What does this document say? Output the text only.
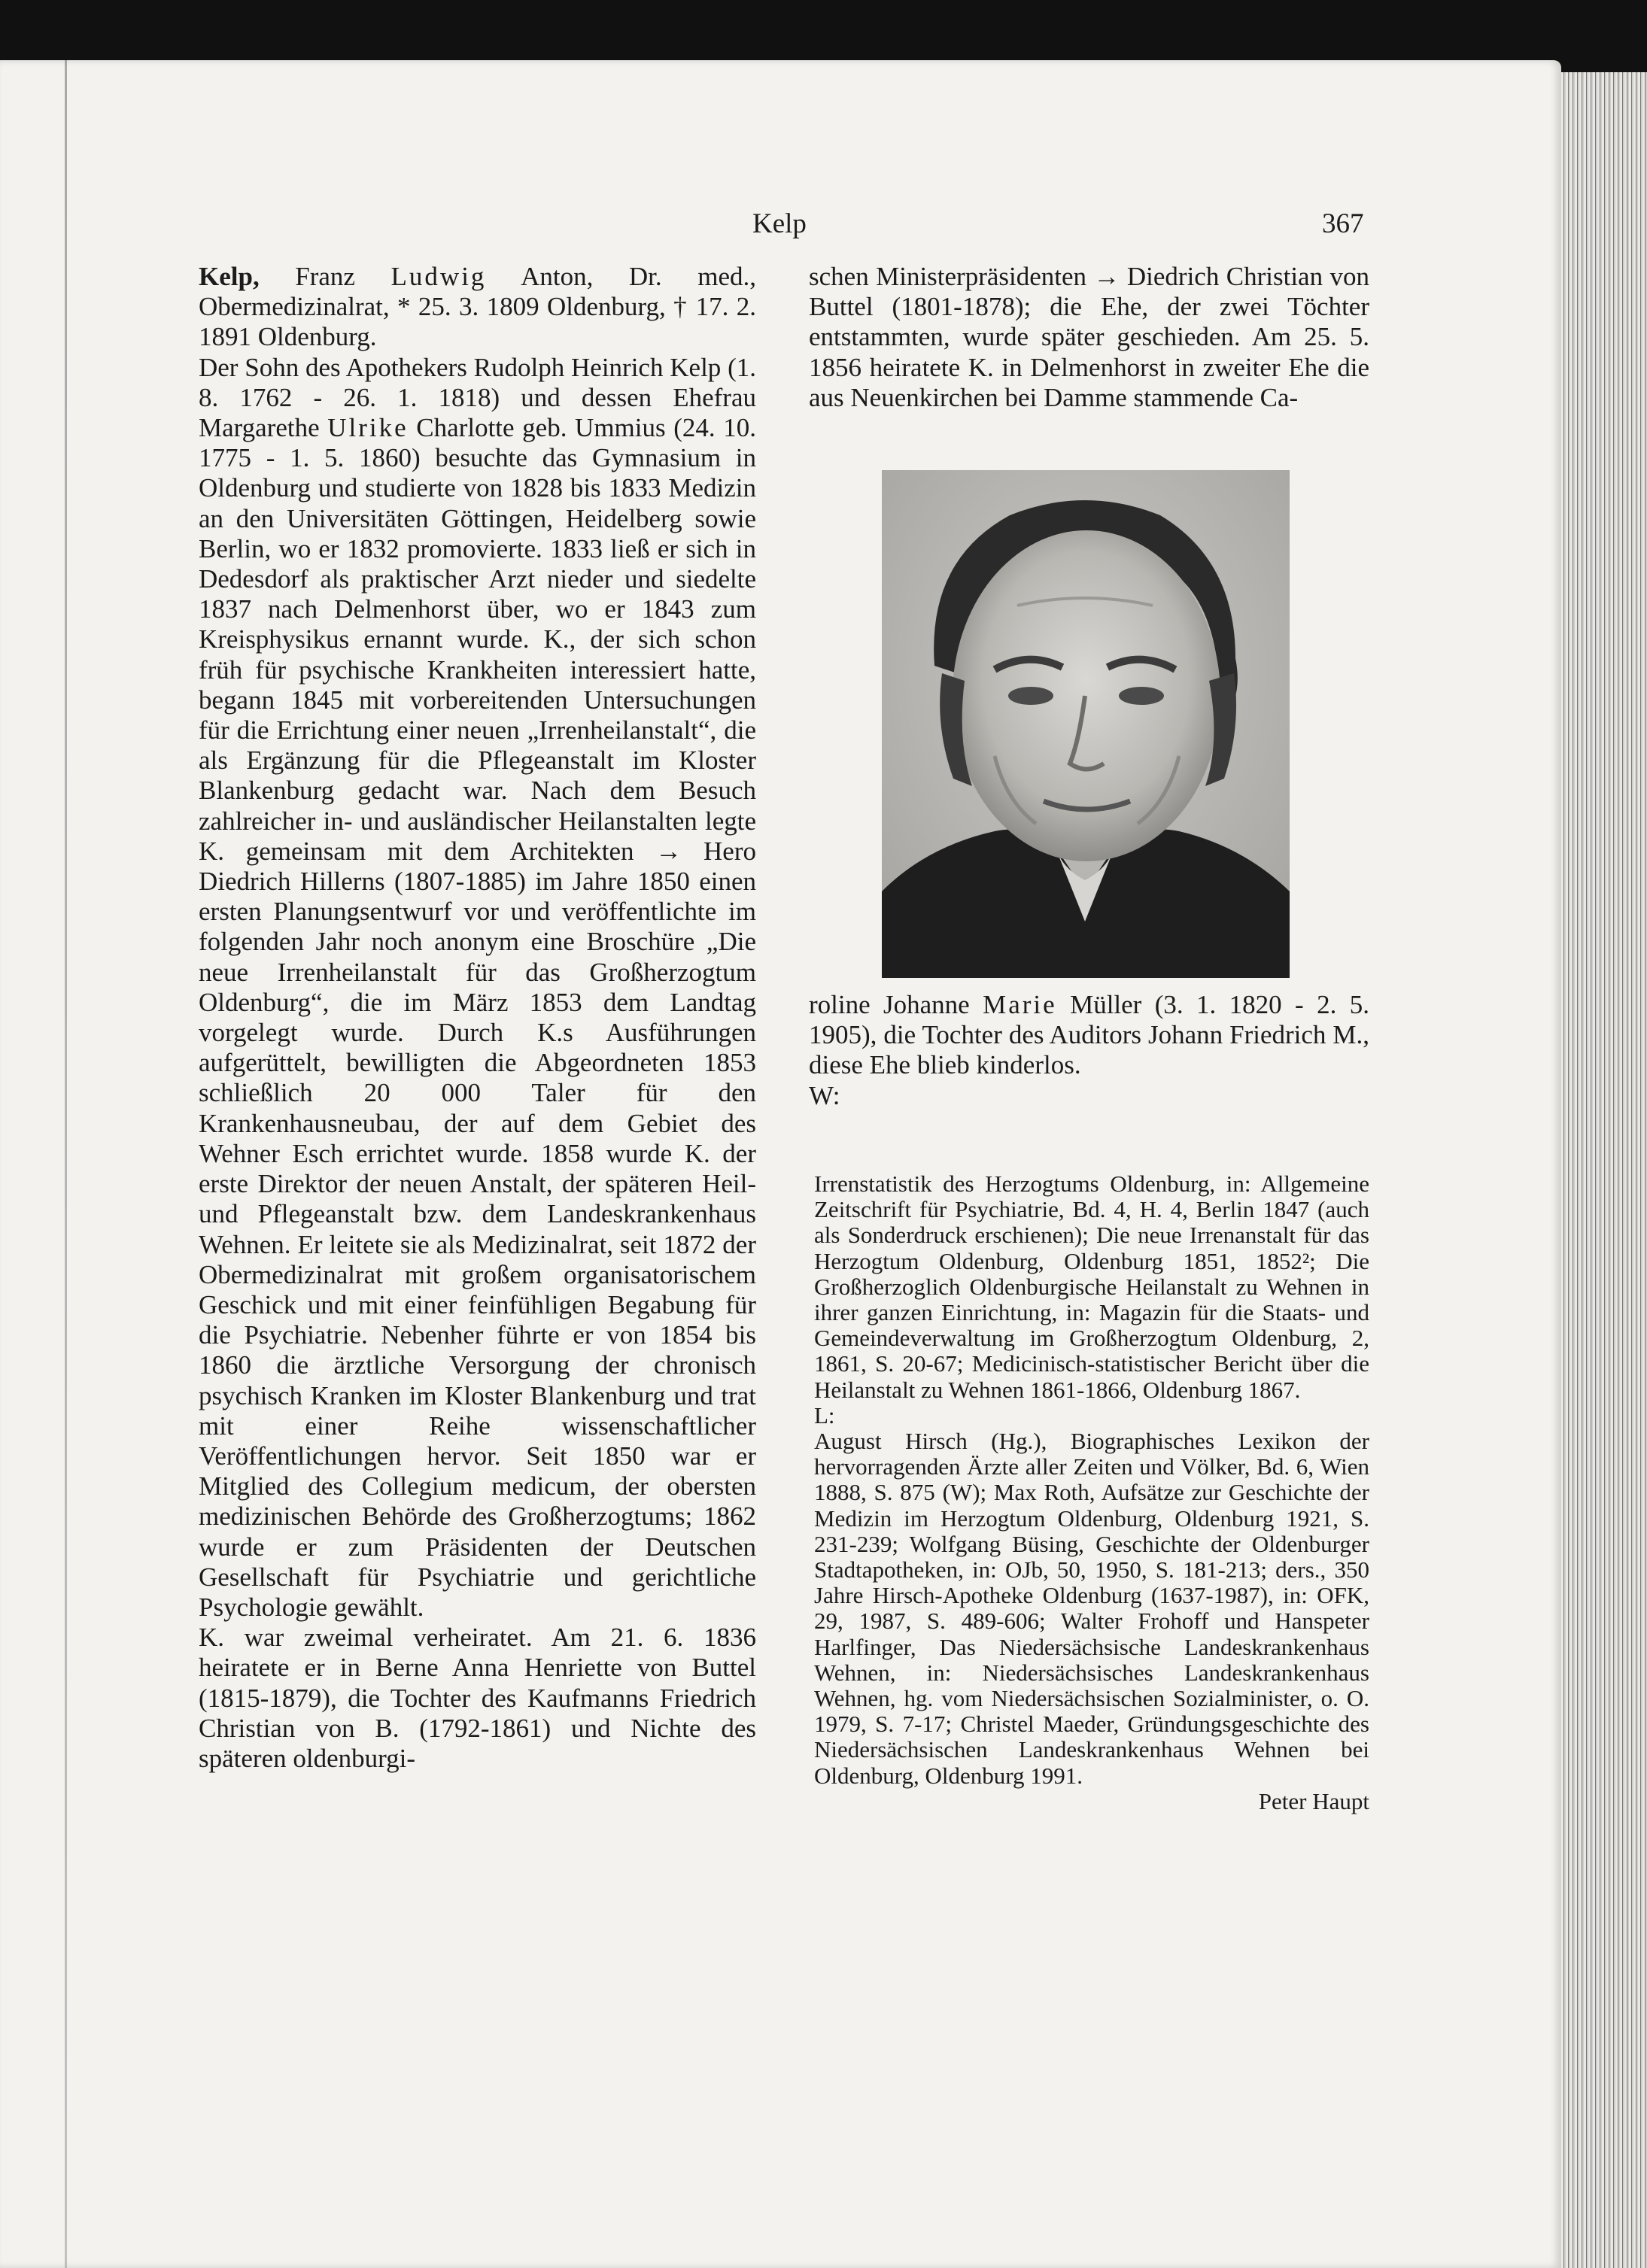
Kelp	367

Kelp, Franz Ludwig Anton, Dr. med., Obermedizinalrat, * 25. 3. 1809 Oldenburg, † 17. 2. 1891 Oldenburg.

Der Sohn des Apothekers Rudolph Heinrich Kelp (1. 8. 1762 - 26. 1. 1818) und dessen Ehefrau Margarethe Ulrike Charlotte geb. Ummius (24. 10. 1775 - 1. 5. 1860) besuchte das Gymnasium in Oldenburg und studierte von 1828 bis 1833 Medizin an den Universitäten Göttingen, Heidelberg sowie Berlin, wo er 1832 promovierte. 1833 ließ er sich in Dedesdorf als praktischer Arzt nieder und siedelte 1837 nach Delmenhorst über, wo er 1843 zum Kreisphysikus ernannt wurde. K., der sich schon früh für psychische Krankheiten interessiert hatte, begann 1845 mit vorbereitenden Untersuchungen für die Errichtung einer neuen „Irrenheilanstalt“, die als Ergänzung für die Pflegeanstalt im Kloster Blankenburg gedacht war. Nach dem Besuch zahlreicher in- und ausländischer Heilanstalten legte K. gemeinsam mit dem Architekten → Hero Diedrich Hillerns (1807-1885) im Jahre 1850 einen ersten Planungsentwurf vor und veröffentlichte im folgenden Jahr noch anonym eine Broschüre „Die neue Irrenheilanstalt für das Großherzogtum Oldenburg“, die im März 1853 dem Landtag vorgelegt wurde. Durch K.s Ausführungen aufgerüttelt, bewilligten die Abgeordneten 1853 schließlich 20 000 Taler für den Krankenhausneubau, der auf dem Gebiet des Wehner Esch errichtet wurde. 1858 wurde K. der erste Direktor der neuen Anstalt, der späteren Heil- und Pflegeanstalt bzw. dem Landeskrankenhaus Wehnen. Er leitete sie als Medizinalrat, seit 1872 der Obermedizinalrat mit großem organisatorischem Geschick und mit einer feinfühligen Begabung für die Psychiatrie. Nebenher führte er von 1854 bis 1860 die ärztliche Versorgung der chronisch psychisch Kranken im Kloster Blankenburg und trat mit einer Reihe wissenschaftlicher Veröffentlichungen hervor. Seit 1850 war er Mitglied des Collegium medicum, der obersten medizinischen Behörde des Großherzogtums; 1862 wurde er zum Präsidenten der Deutschen Gesellschaft für Psychiatrie und gerichtliche Psychologie gewählt.

K. war zweimal verheiratet. Am 21. 6. 1836 heiratete er in Berne Anna Henriette von Buttel (1815-1879), die Tochter des Kaufmanns Friedrich Christian von B. (1792-1861) und Nichte des späteren oldenburgi-

schen Ministerpräsidenten → Diedrich Christian von Buttel (1801-1878); die Ehe, der zwei Töchter entstammten, wurde später geschieden. Am 25. 5. 1856 heiratete K. in Delmenhorst in zweiter Ehe die aus Neuenkirchen bei Damme stammende Ca-

roline Johanne Marie Müller (3. 1. 1820 - 2. 5. 1905), die Tochter des Auditors Johann Friedrich M., diese Ehe blieb kinderlos.

W:

Irrenstatistik des Herzogtums Oldenburg, in: Allgemeine Zeitschrift für Psychiatrie, Bd. 4, H. 4, Berlin 1847 (auch als Sonderdruck erschienen); Die neue Irrenanstalt für das Herzogtum Oldenburg, Oldenburg 1851, 1852²; Die Großherzoglich Oldenburgische Heilanstalt zu Wehnen in ihrer ganzen Einrichtung, in: Magazin für die Staats- und Gemeindeverwaltung im Großherzogtum Oldenburg, 2, 1861, S. 20-67; Medicinisch-statistischer Bericht über die Heilanstalt zu Wehnen 1861-1866, Oldenburg 1867.

L:

August Hirsch (Hg.), Biographisches Lexikon der hervorragenden Ärzte aller Zeiten und Völker, Bd. 6, Wien 1888, S. 875 (W); Max Roth, Aufsätze zur Geschichte der Medizin im Herzogtum Oldenburg, Oldenburg 1921, S. 231-239; Wolfgang Büsing, Geschichte der Oldenburger Stadtapotheken, in: OJb, 50, 1950, S. 181-213; ders., 350 Jahre Hirsch-Apotheke Oldenburg (1637-1987), in: OFK, 29, 1987, S. 489-606; Walter Frohoff und Hanspeter Harlfinger, Das Niedersächsische Landeskrankenhaus Wehnen, in: Niedersächsisches Landeskrankenhaus Wehnen, hg. vom Niedersächsischen Sozialminister, o. O. 1979, S. 7-17; Christel Maeder, Gründungsgeschichte des Niedersächsischen Landeskrankenhaus Wehnen bei Oldenburg, Oldenburg 1991.

Peter Haupt
